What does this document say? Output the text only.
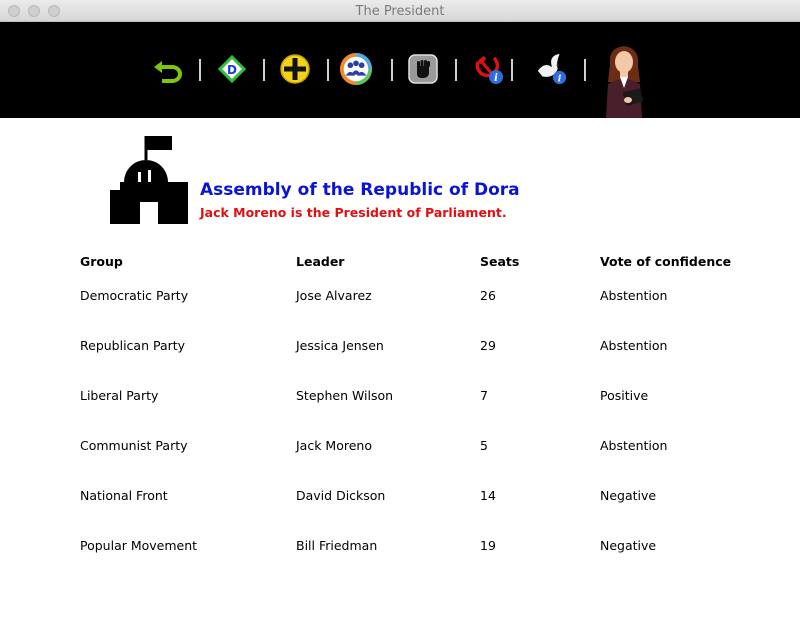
The President
D
i	i
Assembly of the Republic of Dora
Jack Moreno is the President of Parliament.
Group	Leader	Seats	Vote of confidence
Democratic Party	Jose Alvarez	26	Abstention
Republican Party	Jessica Jensen	29	Abstention
Liberal Party	Stephen Wilson	7	Positive
Communist Party	Jack Moreno	5	Abstention
National Front	David Dickson	14	Negative
Popular Movement	Bill Friedman	19	Negative
